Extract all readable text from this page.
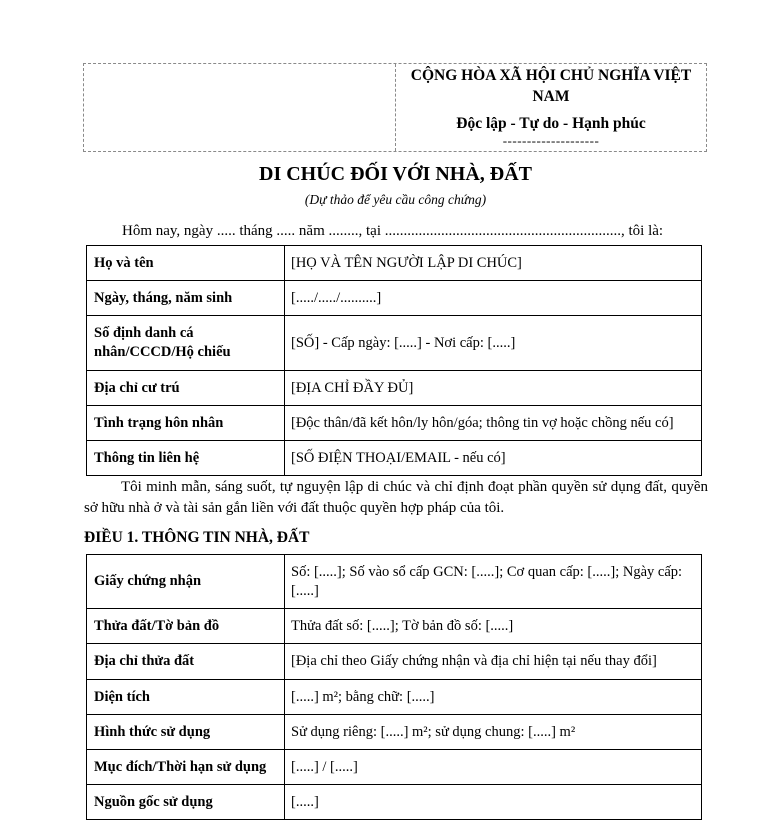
CỘNG HÒA XÃ HỘI CHỦ NGHĨA VIỆT NAM
Độc lập - Tự do - Hạnh phúc
--------------------
DI CHÚC ĐỐI VỚI NHÀ, ĐẤT
(Dự thảo để yêu cầu công chứng)
Hôm nay, ngày ..... tháng ..... năm ........, tại ..............................................................., tôi là:
Họ và tên	[HỌ VÀ TÊN NGƯỜI LẬP DI CHÚC]
Ngày, tháng, năm sinh	[...../...../..........]
Số định danh cá nhân/CCCD/Hộ chiếu	[SỐ] - Cấp ngày: [.....] - Nơi cấp: [.....]
Địa chỉ cư trú	[ĐỊA CHỈ ĐẦY ĐỦ]
Tình trạng hôn nhân	[Độc thân/đã kết hôn/ly hôn/góa; thông tin vợ hoặc chồng nếu có]
Thông tin liên hệ	[SỐ ĐIỆN THOẠI/EMAIL - nếu có]
Tôi minh mẫn, sáng suốt, tự nguyện lập di chúc và chỉ định đoạt phần quyền sử dụng đất, quyền sở hữu nhà ở và tài sản gắn liền với đất thuộc quyền hợp pháp của tôi.
ĐIỀU 1. THÔNG TIN NHÀ, ĐẤT
Giấy chứng nhận	Số: [.....]; Số vào sổ cấp GCN: [.....]; Cơ quan cấp: [.....]; Ngày cấp: [.....]
Thửa đất/Tờ bản đồ	Thửa đất số: [.....]; Tờ bản đồ số: [.....]
Địa chỉ thửa đất	[Địa chỉ theo Giấy chứng nhận và địa chỉ hiện tại nếu thay đổi]
Diện tích	[.....] m²; bằng chữ: [.....]
Hình thức sử dụng	Sử dụng riêng: [.....] m²; sử dụng chung: [.....] m²
Mục đích/Thời hạn sử dụng	[.....] / [.....]
Nguồn gốc sử dụng	[.....]
